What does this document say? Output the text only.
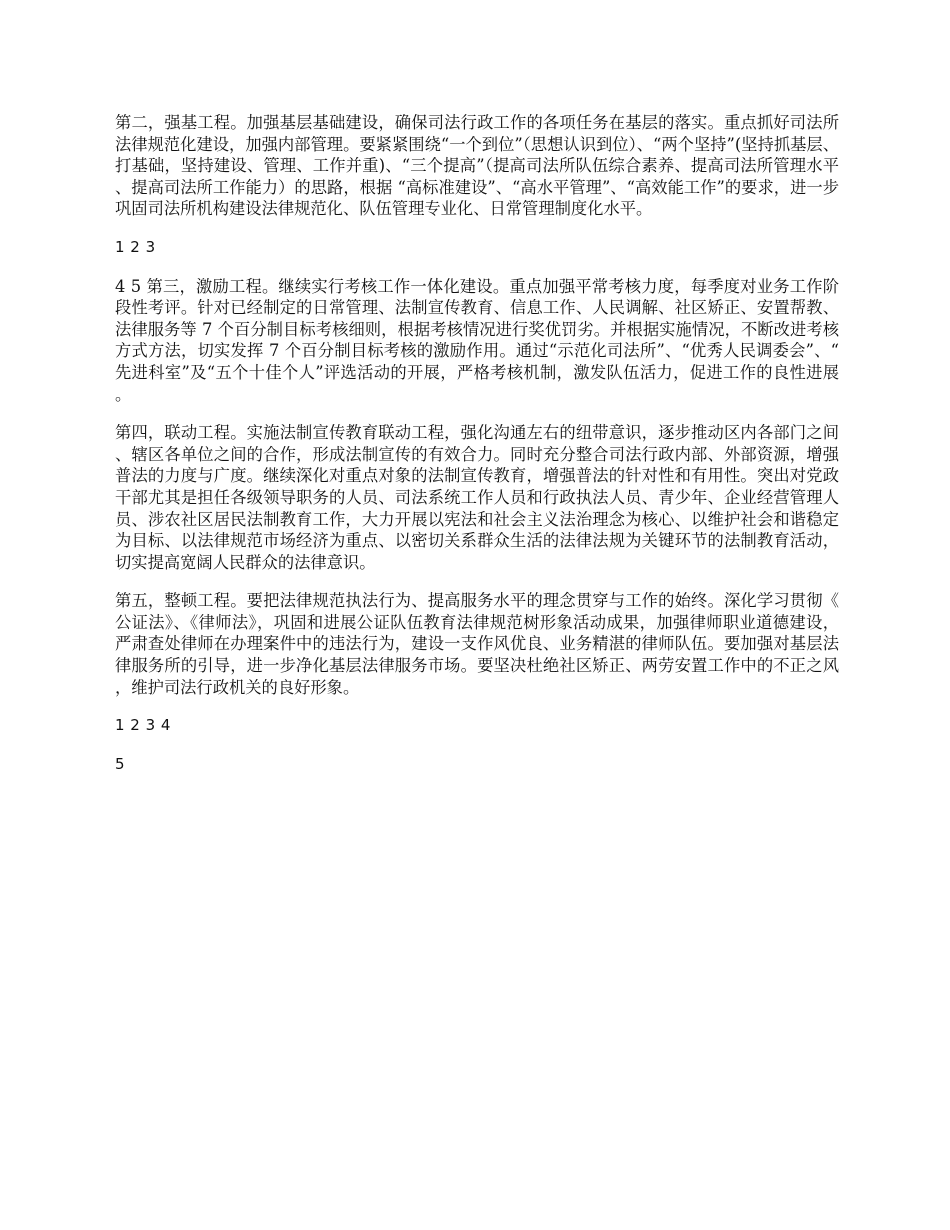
第二，强基工程。加强基层基础建设，确保司法行政工作的各项任务在基层的落实。重点抓好司法所法律规范化建设，加强内部管理。要紧紧围绕“一个到位”（思想认识到位）、“两个坚持”(坚持抓基层、打基础，坚持建设、管理、工作并重)、“三个提高”（提高司法所队伍综合素养、提高司法所管理水平、提高司法所工作能力）的思路，根据 “高标准建设”、“高水平管理”、“高效能工作”的要求，进一步巩固司法所机构建设法律规范化、队伍管理专业化、日常管理制度化水平。

1 2 3

4 5 第三，激励工程。继续实行考核工作一体化建设。重点加强平常考核力度，每季度对业务工作阶段性考评。针对已经制定的日常管理、法制宣传教育、信息工作、人民调解、社区矫正、安置帮教、法律服务等 7 个百分制目标考核细则，根据考核情况进行奖优罚劣。并根据实施情况，不断改进考核方式方法，切实发挥 7 个百分制目标考核的激励作用。通过“示范化司法所”、“优秀人民调委会”、“先进科室”及“五个十佳个人”评选活动的开展，严格考核机制，激发队伍活力，促进工作的良性进展。

第四，联动工程。实施法制宣传教育联动工程，强化沟通左右的纽带意识，逐步推动区内各部门之间、辖区各单位之间的合作，形成法制宣传的有效合力。同时充分整合司法行政内部、外部资源，增强普法的力度与广度。继续深化对重点对象的法制宣传教育，增强普法的针对性和有用性。突出对党政干部尤其是担任各级领导职务的人员、司法系统工作人员和行政执法人员、青少年、企业经营管理人员、涉农社区居民法制教育工作，大力开展以宪法和社会主义法治理念为核心、以维护社会和谐稳定为目标、以法律规范市场经济为重点、以密切关系群众生活的法律法规为关键环节的法制教育活动，切实提高宽阔人民群众的法律意识。

第五，整顿工程。要把法律规范执法行为、提高服务水平的理念贯穿与工作的始终。深化学习贯彻《公证法》、《律师法》，巩固和进展公证队伍教育法律规范树形象活动成果，加强律师职业道德建设，严肃查处律师在办理案件中的违法行为，建设一支作风优良、业务精湛的律师队伍。要加强对基层法律服务所的引导，进一步净化基层法律服务市场。要坚决杜绝社区矫正、两劳安置工作中的不正之风，维护司法行政机关的良好形象。

1 2 3 4

5
